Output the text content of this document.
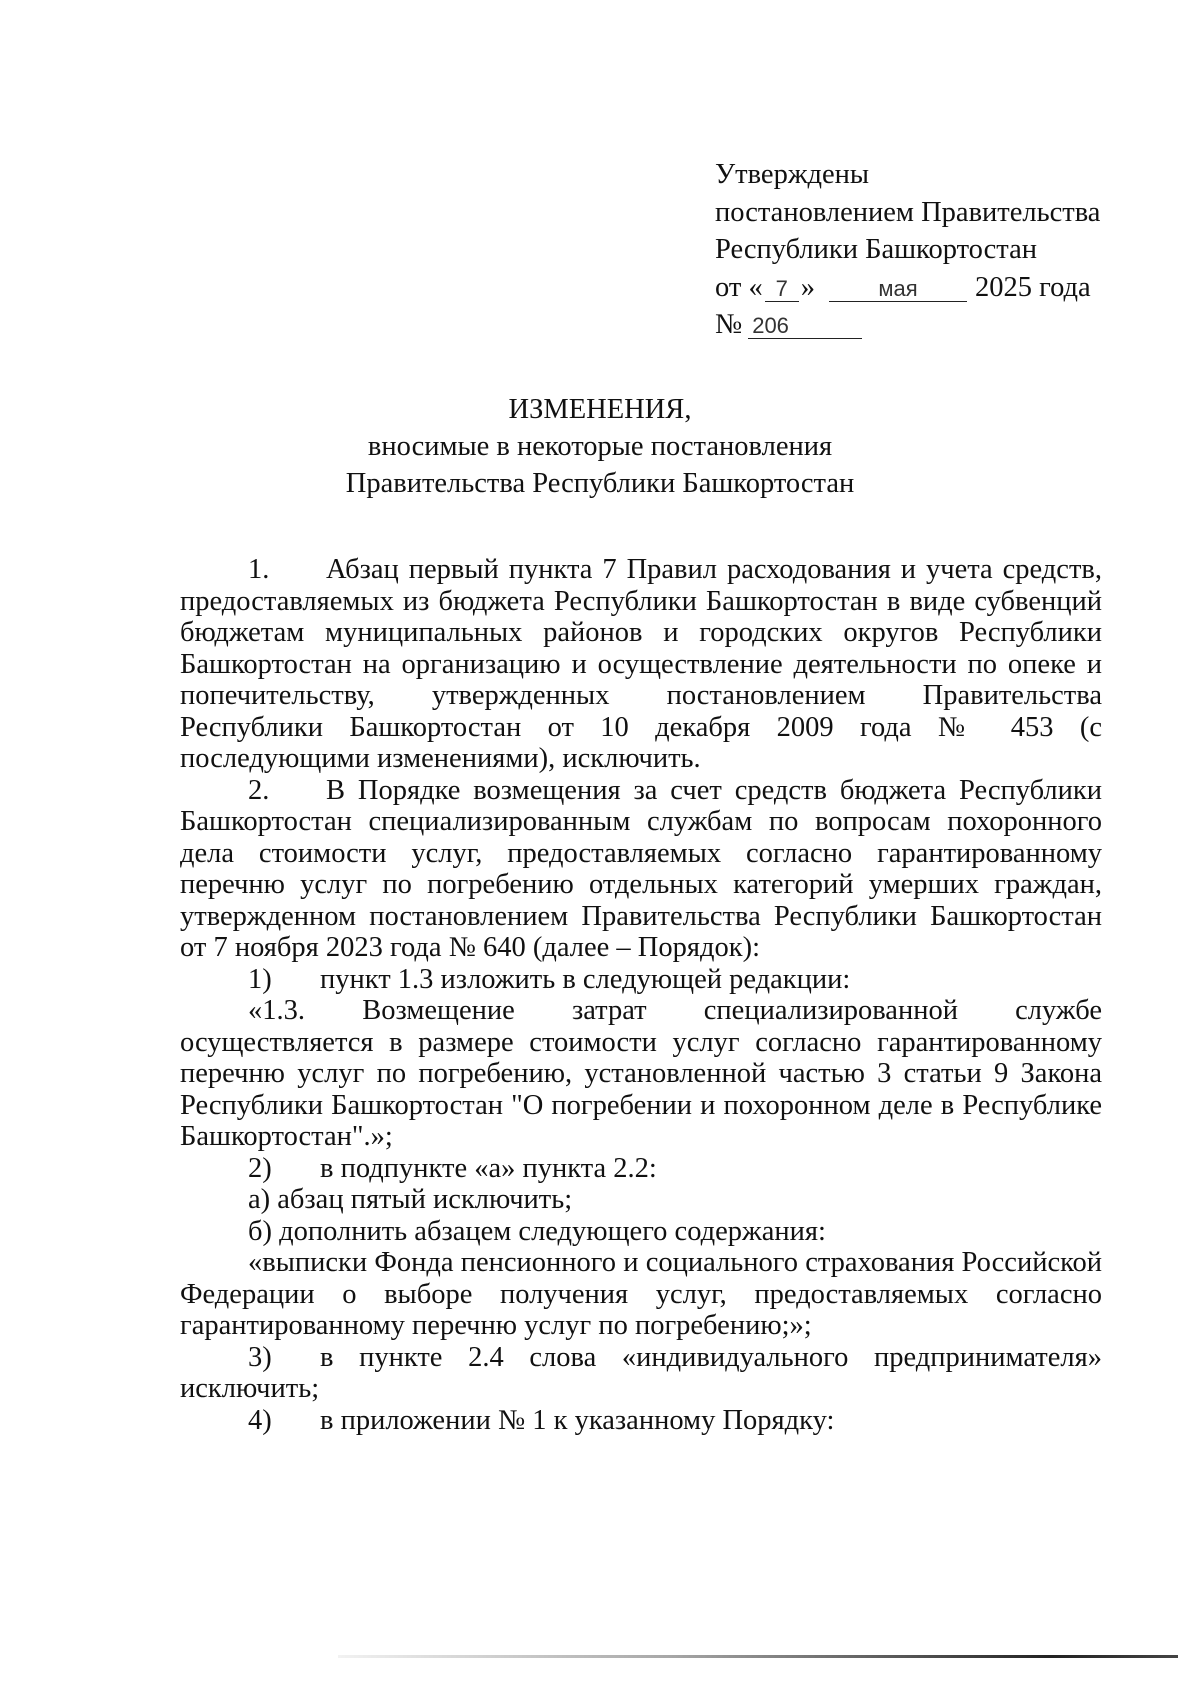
Утверждены
постановлением Правительства
Республики Башкортостан
от « 7 »	мая 2025 года
№ 206
ИЗМЕНЕНИЯ,
вносимые в некоторые постановления
Правительства Республики Башкортостан
1. Абзац первый пункта 7 Правил расходования и учета средств, предоставляемых из бюджета Республики Башкортостан в виде субвенций бюджетам муниципальных районов и городских округов Республики Башкортостан на организацию и осуществление деятельности по опеке и попечительству, утвержденных постановлением Правительства Республики Башкортостан от 10 декабря 2009 года № 453 (с последующими изменениями), исключить.
2. В Порядке возмещения за счет средств бюджета Республики Башкортостан специализированным службам по вопросам похоронного дела стоимости услуг, предоставляемых согласно гарантированному перечню услуг по погребению отдельных категорий умерших граждан, утвержденном постановлением Правительства Республики Башкортостан от 7 ноября 2023 года № 640 (далее – Порядок):
1) пункт 1.3 изложить в следующей редакции:
«1.3. Возмещение затрат специализированной службе осуществляется в размере стоимости услуг согласно гарантированному перечню услуг по погребению, установленной частью 3 статьи 9 Закона Республики Башкортостан "О погребении и похоронном деле в Республике Башкортостан".»;
2) в подпункте «а» пункта 2.2:
а) абзац пятый исключить;
б) дополнить абзацем следующего содержания:
«выписки Фонда пенсионного и социального страхования Российской Федерации о выборе получения услуг, предоставляемых согласно гарантированному перечню услуг по погребению;»;
3) в пункте 2.4 слова «индивидуального предпринимателя» исключить;
4) в приложении № 1 к указанному Порядку:
